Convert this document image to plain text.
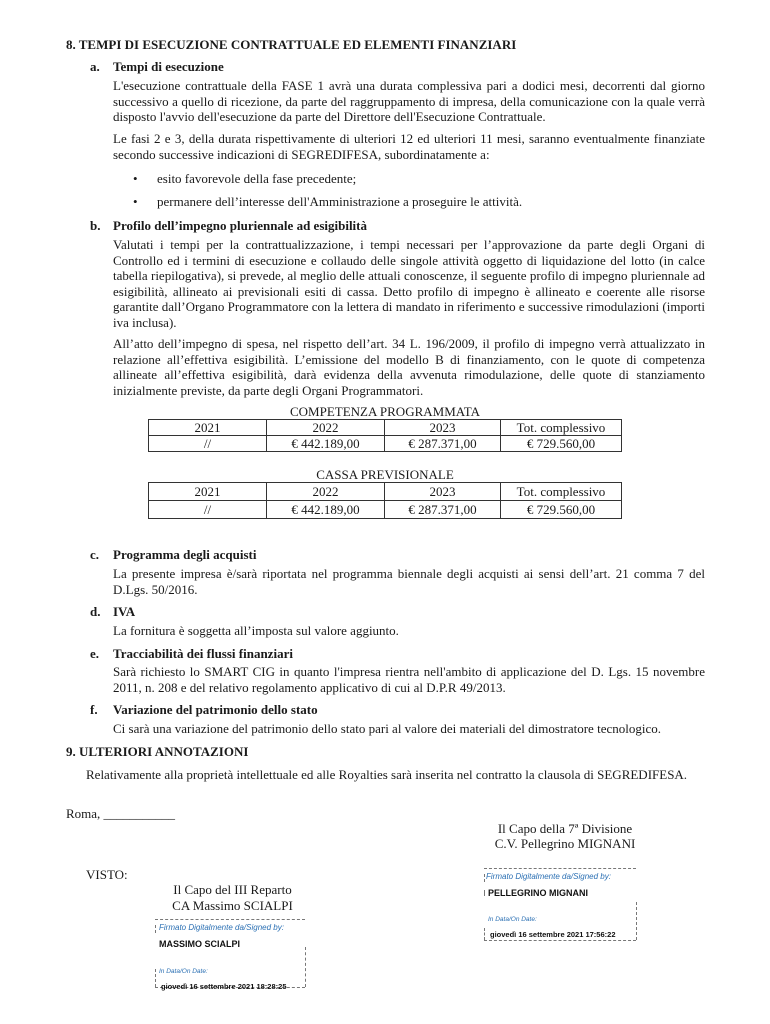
8. TEMPI DI ESECUZIONE CONTRATTUALE ED ELEMENTI FINANZIARI
a. Tempi di esecuzione
L'esecuzione contrattuale della FASE 1 avrà una durata complessiva pari a dodici mesi, decorrenti dal giorno successivo a quello di ricezione, da parte del raggruppamento di impresa, della comunicazione con la quale verrà disposto l'avvio dell'esecuzione da parte del Direttore dell'Esecuzione Contrattuale.
Le fasi 2 e 3, della durata rispettivamente di ulteriori 12 ed ulteriori 11 mesi, saranno eventualmente finanziate secondo successive indicazioni di SEGREDIFESA, subordinatamente a:
• esito favorevole della fase precedente;
• permanere dell’interesse dell'Amministrazione a proseguire le attività.
b. Profilo dell’impegno pluriennale ad esigibilità
Valutati i tempi per la contrattualizzazione, i tempi necessari per l’approvazione da parte degli Organi di Controllo ed i termini di esecuzione e collaudo delle singole attività oggetto di liquidazione del lotto (in calce tabella riepilogativa), si prevede, al meglio delle attuali conoscenze, il seguente profilo di impegno pluriennale ad esigibilità, allineato ai previsionali esiti di cassa. Detto profilo di impegno è allineato e coerente alle risorse garantite dall’Organo Programmatore con la lettera di mandato in riferimento e successive rimodulazioni (importi iva inclusa).
All’atto dell’impegno di spesa, nel rispetto dell’art. 34 L. 196/2009, il profilo di impegno verrà attualizzato in relazione all’effettiva esigibilità. L’emissione del modello B di finanziamento, con le quote di competenza allineate all’effettiva esigibilità, darà evidenza della avvenuta rimodulazione, delle quote di stanziamento inizialmente previste, da parte degli Organi Programmatori.
COMPETENZA PROGRAMMATA
2021	2022	2023	Tot. complessivo
//	€ 442.189,00	€ 287.371,00	€ 729.560,00
CASSA PREVISIONALE
2021	2022	2023	Tot. complessivo
//	€ 442.189,00	€ 287.371,00	€ 729.560,00
c. Programma degli acquisti
La presente impresa è/sarà riportata nel programma biennale degli acquisti ai sensi dell’art. 21 comma 7 del D.Lgs. 50/2016.
d. IVA
La fornitura è soggetta all’imposta sul valore aggiunto.
e. Tracciabilità dei flussi finanziari
Sarà richiesto lo SMART CIG in quanto l'impresa rientra nell'ambito di applicazione del D. Lgs. 15 novembre 2011, n. 208 e del relativo regolamento applicativo di cui al D.P.R 49/2013.
f. Variazione del patrimonio dello stato
Ci sarà una variazione del patrimonio dello stato pari al valore dei materiali del dimostratore tecnologico.
9. ULTERIORI ANNOTAZIONI
Relativamente alla proprietà intellettuale ed alle Royalties sarà inserita nel contratto la clausola di SEGREDIFESA.
Roma, ___________
Il Capo della 7ª Divisione
C.V. Pellegrino MIGNANI
Firmato Digitalmente da/Signed by:
PELLEGRINO MIGNANI
In Data/On Date:
giovedì 16 settembre 2021 17:56:22
VISTO:
Il Capo del III Reparto
CA Massimo SCIALPI
Firmato Digitalmente da/Signed by:
MASSIMO SCIALPI
In Data/On Date:
giovedì 16 settembre 2021 18:28:25
